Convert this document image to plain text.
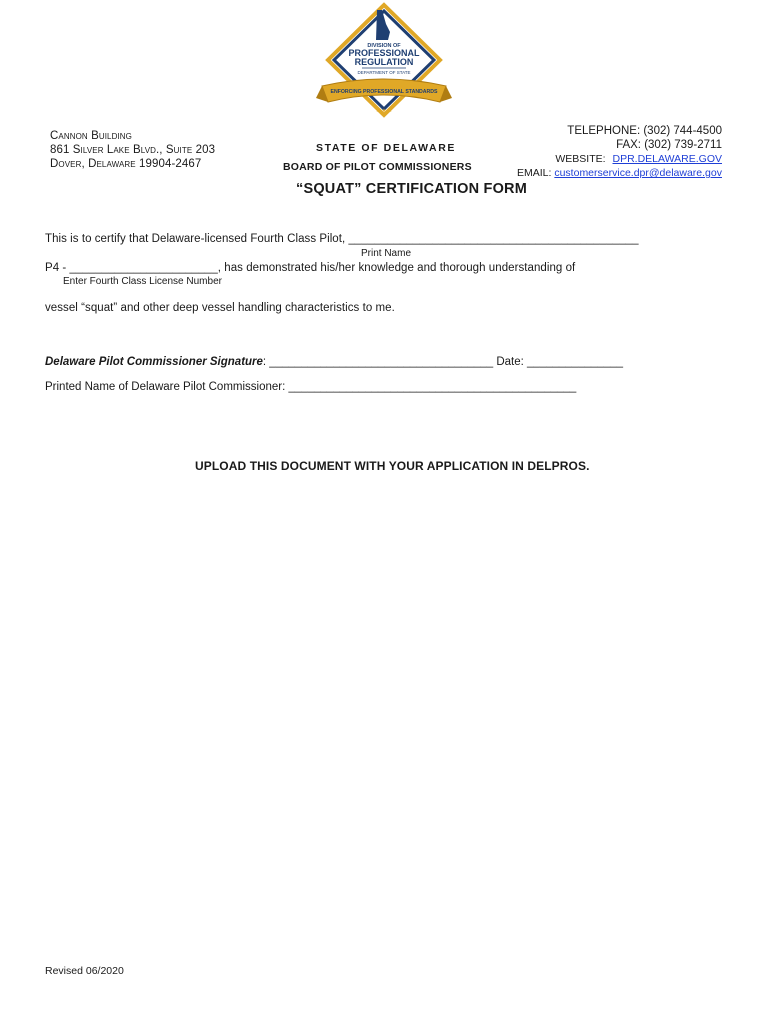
DIVISION OF
PROFESSIONAL
REGULATION
DEPARTMENT OF STATE
ENFORCING PROFESSIONAL STANDARDS
★ ★ ★
Cannon Building
861 Silver Lake Blvd., Suite 203
Dover, Delaware 19904-2467
STATE OF DELAWARE
BOARD OF PILOT COMMISSIONERS
TELEPHONE: (302) 744-4500
FAX: (302) 739-2711
WEBSITE: DPR.DELAWARE.GOV
EMAIL: customerservice.dpr@delaware.gov
“SQUAT” CERTIFICATION FORM
This is to certify that Delaware-licensed Fourth Class Pilot, _____________________________________________
Print Name
P4 - _______________________, has demonstrated his/her knowledge and thorough understanding of
Enter Fourth Class License Number
vessel “squat” and other deep vessel handling characteristics to me.
Delaware Pilot Commissioner Signature: ___________________________________ Date: _______________
Printed Name of Delaware Pilot Commissioner: _____________________________________________
UPLOAD THIS DOCUMENT WITH YOUR APPLICATION IN DELPROS.
Revised 06/2020
